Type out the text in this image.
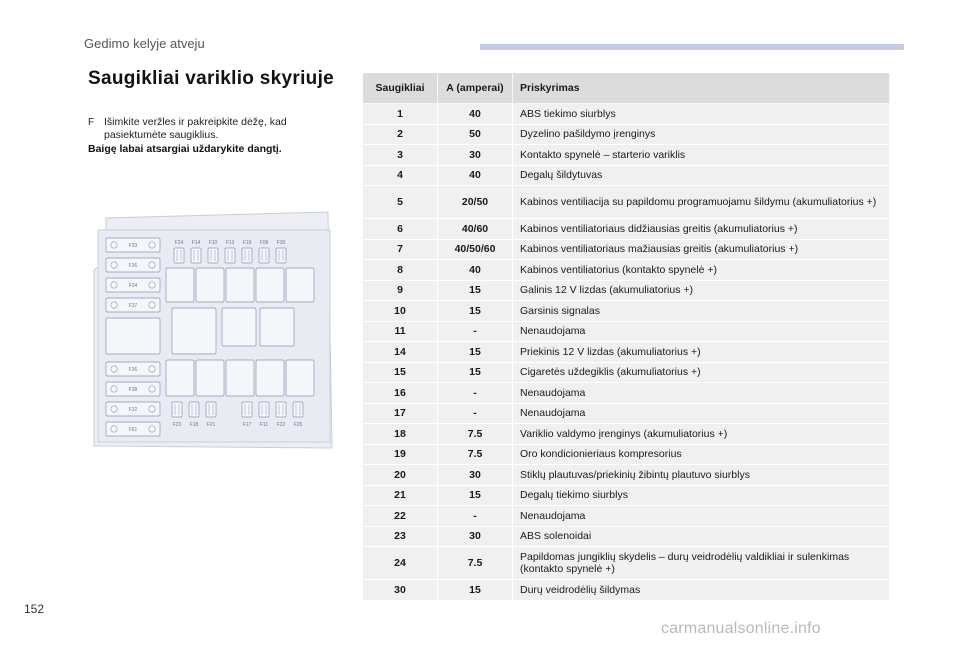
Gedimo kelyje atveju
Saugikliai variklio skyriuje
F Išimkite veržles ir pakreipkite dėžę, kad pasiektumėte saugiklius.
Baigę labai atsargiai uždarykite dangtį.
F33
F36
F34
F37
F36
F38
F32
F61
F24 F14 F10 F13 F19 F08 F30
F23 F18 F21	F17 F11 F22 F25
Saugikliai	A (amperai)	Priskyrimas
1	40	ABS tiekimo siurblys
2	50	Dyzelino pašildymo įrenginys
3	30	Kontakto spynelė – starterio variklis
4	40	Degalų šildytuvas
5	20/50	Kabinos ventiliacija su papildomu programuojamu šildymu (akumuliatorius +)
6	40/60	Kabinos ventiliatoriaus didžiausias greitis (akumuliatorius +)
7	40/50/60	Kabinos ventiliatoriaus mažiausias greitis (akumuliatorius +)
8	40	Kabinos ventiliatorius (kontakto spynelė +)
9	15	Galinis 12 V lizdas (akumuliatorius +)
10	15	Garsinis signalas
11	-	Nenaudojama
14	15	Priekinis 12 V lizdas (akumuliatorius +)
15	15	Cigaretės uždegiklis (akumuliatorius +)
16	-	Nenaudojama
17	-	Nenaudojama
18	7.5	Variklio valdymo įrenginys (akumuliatorius +)
19	7.5	Oro kondicionieriaus kompresorius
20	30	Stiklų plautuvas/priekinių žibintų plautuvo siurblys
21	15	Degalų tiekimo siurblys
22	-	Nenaudojama
23	30	ABS solenoidai
24	7.5	Papildomas jungiklių skydelis – durų veidrodėlių valdikliai ir sulenkimas (kontakto spynelė +)
30	15	Durų veidrodėlių šildymas
152
carmanualsonline.info
